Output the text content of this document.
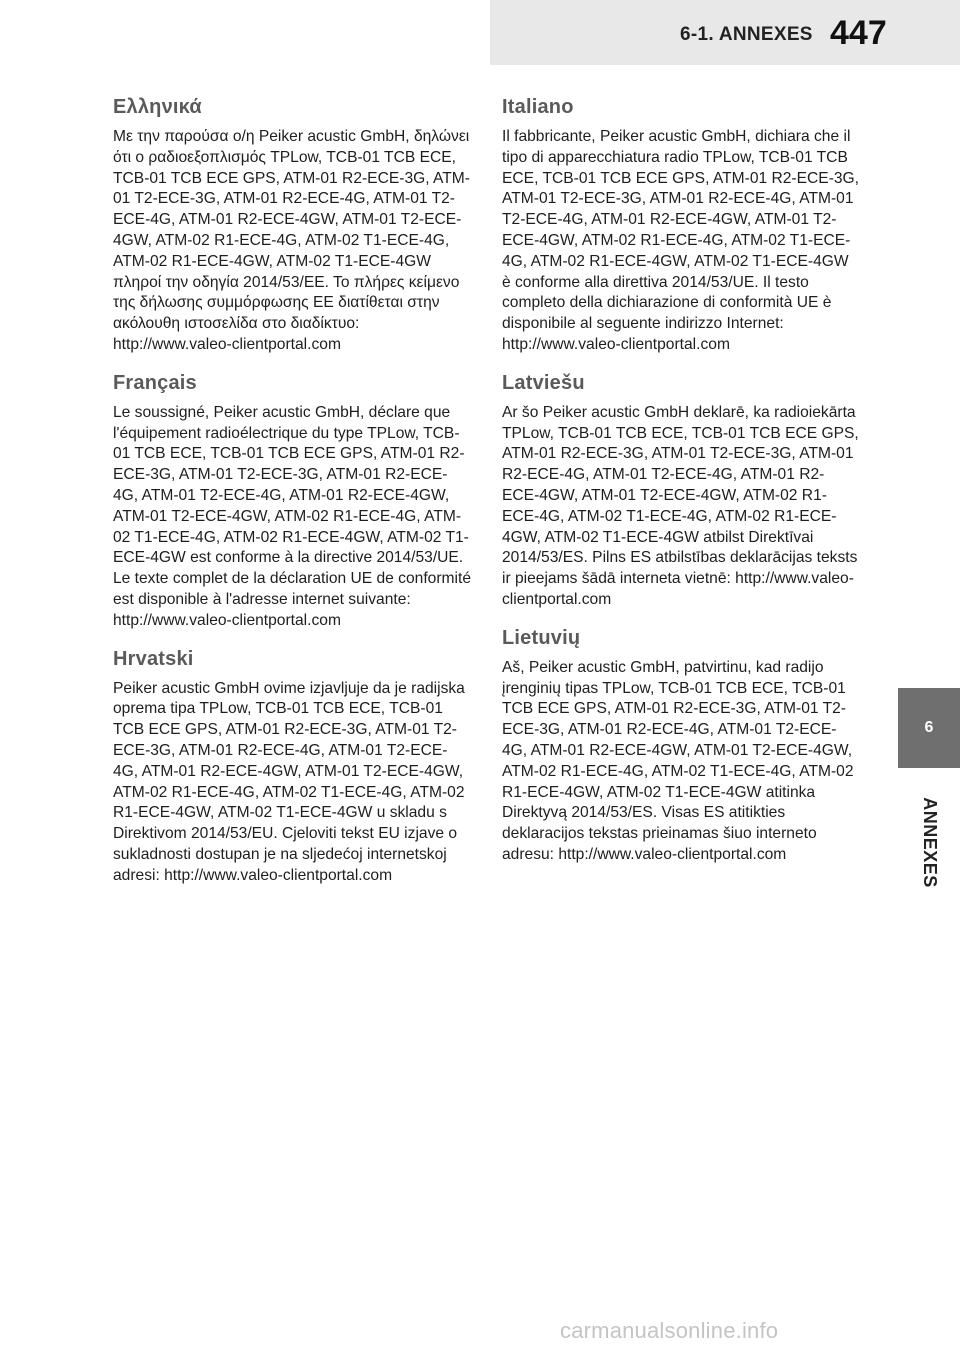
6-1. ANNEXES 447
6
ANNEXES
Ελληνικά

Με την παρούσα ο/η Peiker acustic GmbH, δηλώνει ότι ο ραδιοεξοπλισμός TPLow, TCB-01 TCB ECE, TCB-01 TCB ECE GPS, ATM-01 R2-ECE-3G, ATM-01 T2-ECE-3G, ATM-01 R2-ECE-4G, ATM-01 T2-ECE-4G, ATM-01 R2-ECE-4GW, ATM-01 T2-ECE-4GW, ATM-02 R1-ECE-4G, ATM-02 T1-ECE-4G, ATM-02 R1-ECE-4GW, ATM-02 T1-ECE-4GW πληροί την οδηγία 2014/53/ΕΕ. Το πλήρες κείμενο της δήλωσης συμμόρφωσης ΕΕ διατίθεται στην ακόλουθη ιστοσελίδα στο διαδίκτυο: http://www.valeo-clientportal.com

Français

Le soussigné, Peiker acustic GmbH, déclare que l'équipement radioélectrique du type TPLow, TCB-01 TCB ECE, TCB-01 TCB ECE GPS, ATM-01 R2-ECE-3G, ATM-01 T2-ECE-3G, ATM-01 R2-ECE-4G, ATM-01 T2-ECE-4G, ATM-01 R2-ECE-4GW, ATM-01 T2-ECE-4GW, ATM-02 R1-ECE-4G, ATM-02 T1-ECE-4G, ATM-02 R1-ECE-4GW, ATM-02 T1-ECE-4GW est conforme à la directive 2014/53/UE. Le texte complet de la déclaration UE de conformité est disponible à l'adresse internet suivante: http://www.valeo-clientportal.com

Hrvatski

Peiker acustic GmbH ovime izjavljuje da je radijska oprema tipa TPLow, TCB-01 TCB ECE, TCB-01 TCB ECE GPS, ATM-01 R2-ECE-3G, ATM-01 T2-ECE-3G, ATM-01 R2-ECE-4G, ATM-01 T2-ECE-4G, ATM-01 R2-ECE-4GW, ATM-01 T2-ECE-4GW, ATM-02 R1-ECE-4G, ATM-02 T1-ECE-4G, ATM-02 R1-ECE-4GW, ATM-02 T1-ECE-4GW u skladu s Direktivom 2014/53/EU. Cjeloviti tekst EU izjave o sukladnosti dostupan je na sljedećoj internetskoj adresi: http://www.valeo-clientportal.com

Italiano

Il fabbricante, Peiker acustic GmbH, dichiara che il tipo di apparecchiatura radio TPLow, TCB-01 TCB ECE, TCB-01 TCB ECE GPS, ATM-01 R2-ECE-3G, ATM-01 T2-ECE-3G, ATM-01 R2-ECE-4G, ATM-01 T2-ECE-4G, ATM-01 R2-ECE-4GW, ATM-01 T2-ECE-4GW, ATM-02 R1-ECE-4G, ATM-02 T1-ECE-4G, ATM-02 R1-ECE-4GW, ATM-02 T1-ECE-4GW è conforme alla direttiva 2014/53/UE. Il testo completo della dichiarazione di conformità UE è disponibile al seguente indirizzo Internet: http://www.valeo-clientportal.com

Latviešu

Ar šo Peiker acustic GmbH deklarē, ka radioiekārta TPLow, TCB-01 TCB ECE, TCB-01 TCB ECE GPS, ATM-01 R2-ECE-3G, ATM-01 T2-ECE-3G, ATM-01 R2-ECE-4G, ATM-01 T2-ECE-4G, ATM-01 R2-ECE-4GW, ATM-01 T2-ECE-4GW, ATM-02 R1-ECE-4G, ATM-02 T1-ECE-4G, ATM-02 R1-ECE-4GW, ATM-02 T1-ECE-4GW atbilst Direktīvai 2014/53/ES. Pilns ES atbilstības deklarācijas teksts ir pieejams šādā interneta vietnē: http://www.valeo-clientportal.com

Lietuvių

Aš, Peiker acustic GmbH, patvirtinu, kad radijo įrenginių tipas TPLow, TCB-01 TCB ECE, TCB-01 TCB ECE GPS, ATM-01 R2-ECE-3G, ATM-01 T2-ECE-3G, ATM-01 R2-ECE-4G, ATM-01 T2-ECE-4G, ATM-01 R2-ECE-4GW, ATM-01 T2-ECE-4GW, ATM-02 R1-ECE-4G, ATM-02 T1-ECE-4G, ATM-02 R1-ECE-4GW, ATM-02 T1-ECE-4GW atitinka Direktyvą 2014/53/ES. Visas ES atitikties deklaracijos tekstas prieinamas šiuo interneto adresu: http://www.valeo-clientportal.com

carmanualsonline.info
